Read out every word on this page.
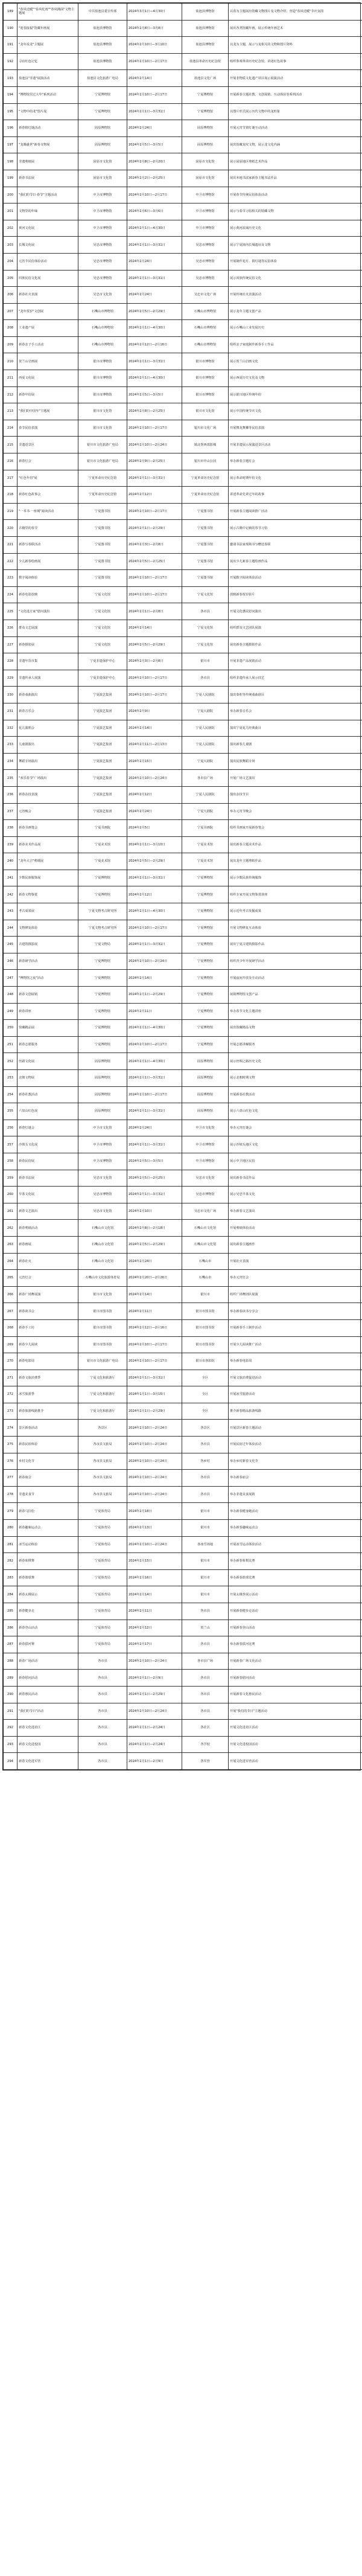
189	"春风送暖""春风化雨""春风拂面"文物主题展	中共盐池县委宣传部	2024年3月1日—4月30日	盐池县博物馆	以春为主题展出馆藏文物图片及文物介绍，营造"春风送暖"节庆氛围
190	"迎春接福"馆藏年画展	盐池县博物馆	2024年2月8日—3月8日	盐池县博物馆	展出各类馆藏年画，展示传统年画艺术
191	"龙年说龙"主题展	盐池县博物馆	2024年2月10日—3月10日	盐池县博物馆	以龙为主题，展示与龙相关的文物和图片资料
192	寻访红色记忆	盐池县博物馆	2024年2月10日—2月17日	盐池县革命历史纪念馆	组织参观革命历史纪念馆，讲述红色故事
193	盐池县"非遗"展演活动	盐池县文化旅游广电局	2024年2月14日	盐池县文化广场	开展非物质文化遗产项目展示展演活动
194	"博物馆里过大年"系列活动	宁夏博物馆	2024年2月10日—2月17日	宁夏博物馆	开展新春主题社教、文创展销、互动体验等系列活动
195	"文物中的龙"图片展	宁夏博物馆	2024年2月1日—3月31日	宁夏博物馆	以图片形式展示历代文物中的龙形象
196	新春猜灯谜活动	固原博物馆	2024年2月24日	固原博物馆	开展元宵节猜灯谜互动活动
197	"龙腾盛世"新春文物展	固原博物馆	2024年2月5日—3月5日	固原博物馆	展出馆藏龙纹文物，展示龙文化内涵
198	非遗剪纸展	固原市文化馆	2024年2月8日—2月20日	固原市文化馆	展示固原地区剪纸艺术作品
199	新春书法展	固原市文化馆	2024年2月2日—2月25日	固原市文化馆	展出本地书法家新春主题书法作品
200	"我们的节日·春节"主题活动	中卫市博物馆	2024年2月10日—2月17日	中卫市博物馆	开展春节传统民俗体验活动
201	文物里的年味	中卫市博物馆	2024年2月6日—3月6日	中卫市博物馆	展示与春节习俗相关的馆藏文物
202	黄河文化展	中卫市博物馆	2024年2月1日—4月30日	中卫市博物馆	展示黄河流域历史文化
203	长城文化展	吴忠市博物馆	2024年2月1日—3月31日	吴忠市博物馆	展示宁夏境内长城遗址及文物
204	元宵节民俗体验活动	吴忠市博物馆	2024年2月24日	吴忠市博物馆	开展制作花灯、猜灯谜等民俗体验
205	回族民俗文化展	吴忠市博物馆	2024年2月1日—3月31日	吴忠市博物馆	展示回族传统民俗文化
206	新春社火表演	吴忠市文化馆	2024年2月24日	吴忠市文化广场	开展传统社火表演活动
207	"龙年贺岁"文创展	石嘴山市博物馆	2024年2月5日—2月29日	石嘴山市博物馆	展示龙年主题文创产品
208	工业遗产展	石嘴山市博物馆	2024年2月1日—4月30日	石嘴山市博物馆	展示石嘴山工业发展历史
209	新春亲子手工活动	石嘴山市博物馆	2024年2月12日—2月16日	石嘴山市博物馆	组织亲子家庭制作新春手工作品
210	贺兰山岩画展	银川市博物馆	2024年2月1日—3月31日	银川市博物馆	展示贺兰山岩画文化
211	西夏文化展	银川市博物馆	2024年2月1日—4月30日	银川市博物馆	展示西夏历史文化及文物
212	新春年俗展	银川市博物馆	2024年2月5日—3月5日	银川市博物馆	展示银川地区传统年俗
213	"我们的中国年"主题展	银川市文化馆	2024年2月8日—2月25日	银川市文化馆	展示中国传统节庆文化
214	春节民俗表演	银川市文化馆	2024年2月10日—2月17日	银川市文化广场	开展舞龙舞狮等民俗表演
215	非遗进景区	银川市文化旅游广电局	2024年2月10日—2月24日	镇北堡西部影城	开展非遗展示展演进景区活动
216	新春灯会	银川市文化旅游广电局	2024年2月9日—2月25日	银川市中山公园	举办新春主题灯会
217	"红色年俗"展	宁夏革命历史纪念馆	2024年2月1日—3月31日	宁夏革命历史纪念馆	展示革命时期年俗文化
218	新春红色故事会	宁夏革命历史纪念馆	2024年2月12日	宁夏革命历史纪念馆	讲述革命先辈过年的故事
219	"一本书·一座城"阅读活动	宁夏图书馆	2024年2月10日—2月17日	宁夏图书馆	开展新春主题阅读推广活动
220	古籍里的春节	宁夏图书馆	2024年2月1日—2月29日	宁夏图书馆	展示古籍中记载的春节习俗
221	新春写春联活动	宁夏图书馆	2024年2月3日—2月8日	宁夏图书馆	邀请书法家现场书写赠送春联
222	少儿新春绘画展	宁夏图书馆	2024年2月5日—2月25日	宁夏图书馆	展出少儿新春主题绘画作品
223	数字阅读体验	宁夏图书馆	2024年2月10日—2月17日	宁夏图书馆	开展数字阅读体验活动
224	新春电影放映	宁夏文化馆	2024年2月10日—2月17日	宁夏文化馆	放映新春贺岁影片
225	"文化进万家"慰问演出	宁夏文化馆	2024年2月1日—2月8日	各市县	开展文化惠民慰问演出
226	群众文艺展演	宁夏文化馆	2024年2月14日	宁夏文化馆	组织群众文艺团队展演
227	新春摄影展	宁夏文化馆	2024年2月5日—2月29日	宁夏文化馆	展出新春主题摄影作品
228	非遗年货市集	宁夏非遗保护中心	2024年2月3日—2月8日	银川市	开展非遗产品展销活动
229	非遗传承人展演	宁夏非遗保护中心	2024年2月10日—2月17日	各市县	组织非遗传承人展示技艺
230	新春戏曲演出	宁夏演艺集团	2024年2月10日—2月17日	宁夏人民剧院	演出秦腔等传统戏曲剧目
231	新春音乐会	宁夏演艺集团	2024年2月9日	宁夏大剧院	举办新春音乐会
232	花儿演唱会	宁夏演艺集团	2024年2月14日	宁夏人民剧院	演出宁夏花儿经典曲目
233	儿童剧演出	宁夏演艺集团	2024年2月11日—2月13日	宁夏人民剧院	演出新春儿童剧
234	舞蹈专场演出	宁夏演艺集团	2024年2月15日	宁夏大剧院	演出民族舞蹈专场
235	"欢乐春节"广场演出	宁夏演艺集团	2024年2月10日—2月24日	各市县广场	开展广场文艺演出
236	新春杂技表演	宁夏演艺集团	2024年2月12日	宁夏人民剧院	演出杂技节目
237	元宵晚会	宁夏演艺集团	2024年2月24日	宁夏大剧院	举办元宵节晚会
238	新春书画笔会	宁夏书画院	2024年2月5日	宁夏书画院	组织书画家开展新春笔会
239	新春美术作品展	宁夏美术馆	2024年2月1日—3月10日	宁夏美术馆	展出新春主题美术作品
240	"龙年大吉"剪纸展	宁夏美术馆	2024年2月5日—2月29日	宁夏美术馆	展出龙年主题剪纸作品
241	少数民族服饰展	宁夏博物馆	2024年2月1日—3月31日	宁夏博物馆	展示少数民族传统服饰
242	新春文物鉴赏	宁夏博物馆	2024年2月12日	宁夏博物馆	组织专家开展文物鉴赏讲座
243	考古成果展	宁夏文物考古研究所	2024年2月1日—4月30日	宁夏博物馆	展示近年考古发掘成果
244	文物修复体验	宁夏文物考古研究所	2024年2月10日—2月17日	宁夏博物馆	开展文物修复互动体验
245	古建筑摄影展	宁夏文物局	2024年2月1日—3月31日	宁夏博物馆	展出宁夏古建筑摄影作品
246	新春研学活动	宁夏博物馆	2024年2月10日—2月24日	宁夏博物馆	组织青少年开展研学活动
247	"博物馆之夜"活动	宁夏博物馆	2024年2月14日	宁夏博物馆	开展夜间开放及互动活动
248	新春文创展销	宁夏博物馆	2024年2月1日—2月29日	宁夏博物馆	展销博物馆文创产品
249	新春讲座	宁夏博物馆	2024年2月11日	宁夏博物馆	举办春节文化主题讲座
250	馆藏精品展	宁夏博物馆	2024年2月1日—4月30日	宁夏博物馆	展出馆藏精品文物
251	新春志愿服务	宁夏博物馆	2024年2月10日—2月17日	宁夏博物馆	开展志愿讲解服务
252	丝路文化展	固原博物馆	2024年2月1日—4月30日	固原博物馆	展示丝绸之路历史文化
253	北朝文物展	固原博物馆	2024年2月1日—3月31日	固原博物馆	展示北朝时期文物
254	新春社教活动	固原博物馆	2024年2月10日—2月17日	固原博物馆	开展新春社教活动
255	六盘山红色展	固原博物馆	2024年2月1日—3月31日	固原博物馆	展示六盘山红色文化
256	新春灯谜会	中卫市文化馆	2024年2月24日	中卫市文化馆	举办元宵灯谜会
257	沙坡头文化展	中卫市博物馆	2024年2月1日—3月31日	中卫市博物馆	展示沙坡头地区文化
258	新春民俗展	中卫市博物馆	2024年2月5日—3月5日	中卫市博物馆	展示中卫地区民俗
259	新春书法展	吴忠市文化馆	2024年2月5日—2月25日	吴忠市文化馆	展出新春书法作品
260	早茶文化展	吴忠市博物馆	2024年2月1日—3月31日	吴忠市博物馆	展示吴忠早茶文化
261	新春文艺演出	吴忠市文化馆	2024年2月10日	吴忠市文化广场	举办新春文艺演出
262	新春剪纸活动	石嘴山市文化馆	2024年2月8日—2月18日	石嘴山市文化馆	开展剪纸体验活动
263	新春画展	石嘴山市文化馆	2024年2月5日—2月29日	石嘴山市文化馆	展出新春主题画作
264	新春社火	石嘴山市文化馆	2024年2月24日	石嘴山市	开展社火表演
265	元宵灯会	石嘴山市文化旅游体育局	2024年2月20日—2月26日	石嘴山市	举办元宵灯会
266	新春广场舞展演	银川市文化馆	2024年2月14日	银川市	组织广场舞团队展演
267	新春读书会	银川市图书馆	2024年2月11日	银川市图书馆	举办新春读书分享会
268	新春手工坊	银川市图书馆	2024年2月12日—2月16日	银川市图书馆	开展新春手工制作活动
269	新春少儿阅读	银川市图书馆	2024年2月10日—2月17日	银川市图书馆	开展少儿阅读推广活动
270	新春电影周	银川市文化旅游广电局	2024年2月10日—2月17日	银川市各影院	举办新春电影周
271	新春文旅消费季	宁夏文化和旅游厅	2024年2月1日—3月31日	全区	开展文旅消费促进活动
272	冰雪旅游季	宁夏文化和旅游厅	2024年1月1日—3月15日	全区	开展冰雪旅游活动
273	新春旅游线路推介	宁夏文化和旅游厅	2024年2月1日—2月29日	全区	推介新春精品旅游线路
274	景区新春活动	各景区	2024年2月10日—2月24日	各景区	开展景区新春主题活动
275	新春民宿体验	各市县文旅局	2024年2月10日—2月24日	各市县	开展民宿过年体验活动
276	乡村文化节	各市县文旅局	2024年2月10日—2月24日	各乡村	举办乡村新春文化节
277	新春庙会	各市县文旅局	2024年2月10日—2月24日	各市县	举办新春庙会
278	非遗美食节	各市县文旅局	2024年2月10日—2月24日	各市县	举办非遗美食展销
279	新春马拉松	宁夏体育局	2024年2月18日	银川市	举办新春健身跑活动
280	新春趣味运动会	宁夏体育局	2024年2月13日	银川市	举办新春趣味运动会
281	冰雪运动体验	宁夏体育局	2024年2月10日—2月24日	各冰雪场地	开展冰雪运动体验活动
282	新春象棋赛	宁夏体育局	2024年2月15日	银川市	举办新春象棋比赛
283	新春篮球赛	宁夏体育局	2024年2月16日	银川市	举办新春篮球比赛
284	新春太极展示	宁夏体育局	2024年2月14日	银川市	开展太极拳展示活动
285	新春健步走	宁夏体育局	2024年2月11日	各市县	开展新春健步走活动
286	新春登山活动	宁夏体育局	2024年2月12日	贺兰山	开展新春登山活动
287	新春拔河赛	宁夏体育局	2024年2月17日	各市县	举办新春拔河比赛
288	新春广场活动	各市县	2024年2月10日—2月24日	各市县广场	开展新春广场文化活动
289	新春慰问活动	各市县	2024年2月1日—2月9日	各市县	开展新春慰问活动
290	新春惠民活动	各市县	2024年2月1日—2月29日	各市县	开展新春文化惠民活动
291	"我们的节日"活动	各市县	2024年2月10日—2月24日	各市县	开展"我们的节日"主题活动
292	新春文化进社区	各市县	2024年2月1日—2月24日	各社区	开展文化进社区活动
293	新春文化进校园	各市县	2024年2月1日—2月24日	各学校	开展文化进校园活动
294	新春文化进军营	各市县	2024年2月1日—2月9日	各军营	开展文化进军营活动
